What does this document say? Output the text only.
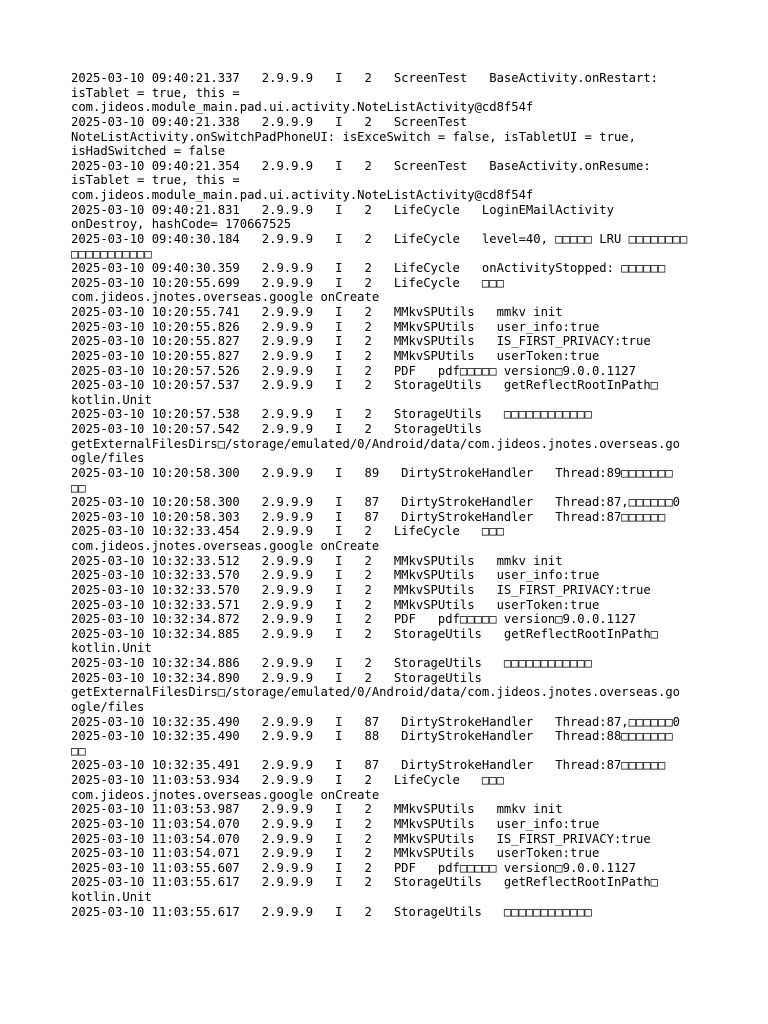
2025-03-10 09:40:21.337   2.9.9.9   I   2   ScreenTest   BaseActivity.onRestart:
isTablet = true, this =
com.jideos.module_main.pad.ui.activity.NoteListActivity@cd8f54f
2025-03-10 09:40:21.338   2.9.9.9   I   2   ScreenTest
NoteListActivity.onSwitchPadPhoneUI: isExceSwitch = false, isTabletUI = true,
isHadSwitched = false
2025-03-10 09:40:21.354   2.9.9.9   I   2   ScreenTest   BaseActivity.onResume:
isTablet = true, this =
com.jideos.module_main.pad.ui.activity.NoteListActivity@cd8f54f
2025-03-10 09:40:21.831   2.9.9.9   I   2   LifeCycle   LoginEMailActivity
onDestroy, hashCode= 170667525
2025-03-10 09:40:30.184   2.9.9.9   I   2   LifeCycle   level=40, □□□□□ LRU □□□□□□□□
□□□□□□□□□□□
2025-03-10 09:40:30.359   2.9.9.9   I   2   LifeCycle   onActivityStopped: □□□□□□
2025-03-10 10:20:55.699   2.9.9.9   I   2   LifeCycle   □□□
com.jideos.jnotes.overseas.google onCreate
2025-03-10 10:20:55.741   2.9.9.9   I   2   MMkvSPUtils   mmkv init
2025-03-10 10:20:55.826   2.9.9.9   I   2   MMkvSPUtils   user_info:true
2025-03-10 10:20:55.827   2.9.9.9   I   2   MMkvSPUtils   IS_FIRST_PRIVACY:true
2025-03-10 10:20:55.827   2.9.9.9   I   2   MMkvSPUtils   userToken:true
2025-03-10 10:20:57.526   2.9.9.9   I   2   PDF   pdf□□□□□ version□9.0.0.1127
2025-03-10 10:20:57.537   2.9.9.9   I   2   StorageUtils   getReflectRootInPath□
kotlin.Unit
2025-03-10 10:20:57.538   2.9.9.9   I   2   StorageUtils   □□□□□□□□□□□□
2025-03-10 10:20:57.542   2.9.9.9   I   2   StorageUtils
getExternalFilesDirs□/storage/emulated/0/Android/data/com.jideos.jnotes.overseas.go
ogle/files
2025-03-10 10:20:58.300   2.9.9.9   I   89   DirtyStrokeHandler   Thread:89□□□□□□□
□□
2025-03-10 10:20:58.300   2.9.9.9   I   87   DirtyStrokeHandler   Thread:87,□□□□□□0
2025-03-10 10:20:58.303   2.9.9.9   I   87   DirtyStrokeHandler   Thread:87□□□□□□
2025-03-10 10:32:33.454   2.9.9.9   I   2   LifeCycle   □□□
com.jideos.jnotes.overseas.google onCreate
2025-03-10 10:32:33.512   2.9.9.9   I   2   MMkvSPUtils   mmkv init
2025-03-10 10:32:33.570   2.9.9.9   I   2   MMkvSPUtils   user_info:true
2025-03-10 10:32:33.570   2.9.9.9   I   2   MMkvSPUtils   IS_FIRST_PRIVACY:true
2025-03-10 10:32:33.571   2.9.9.9   I   2   MMkvSPUtils   userToken:true
2025-03-10 10:32:34.872   2.9.9.9   I   2   PDF   pdf□□□□□ version□9.0.0.1127
2025-03-10 10:32:34.885   2.9.9.9   I   2   StorageUtils   getReflectRootInPath□
kotlin.Unit
2025-03-10 10:32:34.886   2.9.9.9   I   2   StorageUtils   □□□□□□□□□□□□
2025-03-10 10:32:34.890   2.9.9.9   I   2   StorageUtils
getExternalFilesDirs□/storage/emulated/0/Android/data/com.jideos.jnotes.overseas.go
ogle/files
2025-03-10 10:32:35.490   2.9.9.9   I   87   DirtyStrokeHandler   Thread:87,□□□□□□0
2025-03-10 10:32:35.490   2.9.9.9   I   88   DirtyStrokeHandler   Thread:88□□□□□□□
□□
2025-03-10 10:32:35.491   2.9.9.9   I   87   DirtyStrokeHandler   Thread:87□□□□□□
2025-03-10 11:03:53.934   2.9.9.9   I   2   LifeCycle   □□□
com.jideos.jnotes.overseas.google onCreate
2025-03-10 11:03:53.987   2.9.9.9   I   2   MMkvSPUtils   mmkv init
2025-03-10 11:03:54.070   2.9.9.9   I   2   MMkvSPUtils   user_info:true
2025-03-10 11:03:54.070   2.9.9.9   I   2   MMkvSPUtils   IS_FIRST_PRIVACY:true
2025-03-10 11:03:54.071   2.9.9.9   I   2   MMkvSPUtils   userToken:true
2025-03-10 11:03:55.607   2.9.9.9   I   2   PDF   pdf□□□□□ version□9.0.0.1127
2025-03-10 11:03:55.617   2.9.9.9   I   2   StorageUtils   getReflectRootInPath□
kotlin.Unit
2025-03-10 11:03:55.617   2.9.9.9   I   2   StorageUtils   □□□□□□□□□□□□
